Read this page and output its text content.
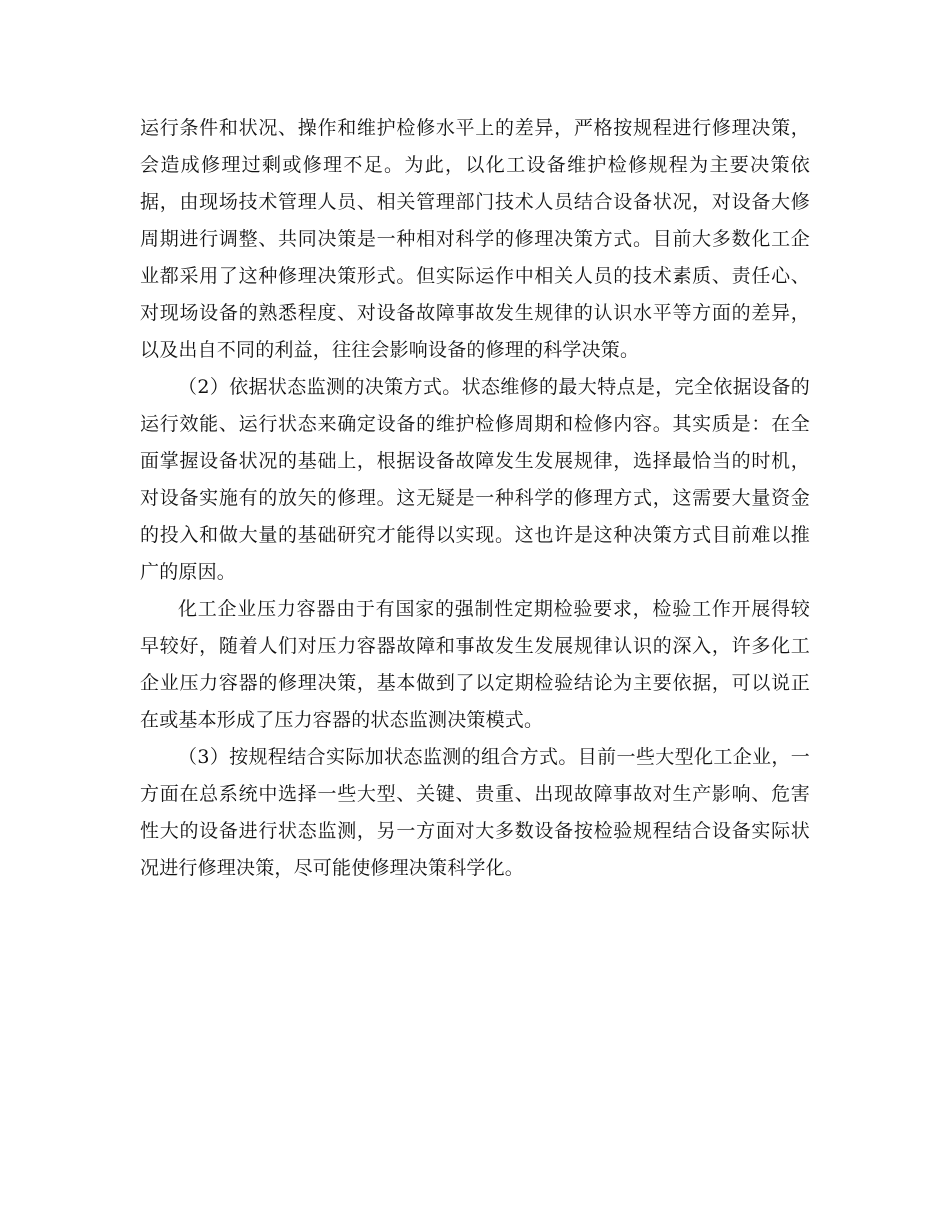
运行条件和状况、操作和维护检修水平上的差异，严格按规程进行修理决策，会造成修理过剩或修理不足。为此，以化工设备维护检修规程为主要决策依据，由现场技术管理人员、相关管理部门技术人员结合设备状况，对设备大修周期进行调整、共同决策是一种相对科学的修理决策方式。目前大多数化工企业都采用了这种修理决策形式。但实际运作中相关人员的技术素质、责任心、对现场设备的熟悉程度、对设备故障事故发生规律的认识水平等方面的差异，以及出自不同的利益，往往会影响设备的修理的科学决策。

（2）依据状态监测的决策方式。状态维修的最大特点是，完全依据设备的运行效能、运行状态来确定设备的维护检修周期和检修内容。其实质是：在全面掌握设备状况的基础上，根据设备故障发生发展规律，选择最恰当的时机，对设备实施有的放矢的修理。这无疑是一种科学的修理方式，这需要大量资金的投入和做大量的基础研究才能得以实现。这也许是这种决策方式目前难以推广的原因。

化工企业压力容器由于有国家的强制性定期检验要求，检验工作开展得较早较好，随着人们对压力容器故障和事故发生发展规律认识的深入，许多化工企业压力容器的修理决策，基本做到了以定期检验结论为主要依据，可以说正在或基本形成了压力容器的状态监测决策模式。

（3）按规程结合实际加状态监测的组合方式。目前一些大型化工企业，一方面在总系统中选择一些大型、关键、贵重、出现故障事故对生产影响、危害性大的设备进行状态监测，另一方面对大多数设备按检验规程结合设备实际状况进行修理决策，尽可能使修理决策科学化。
